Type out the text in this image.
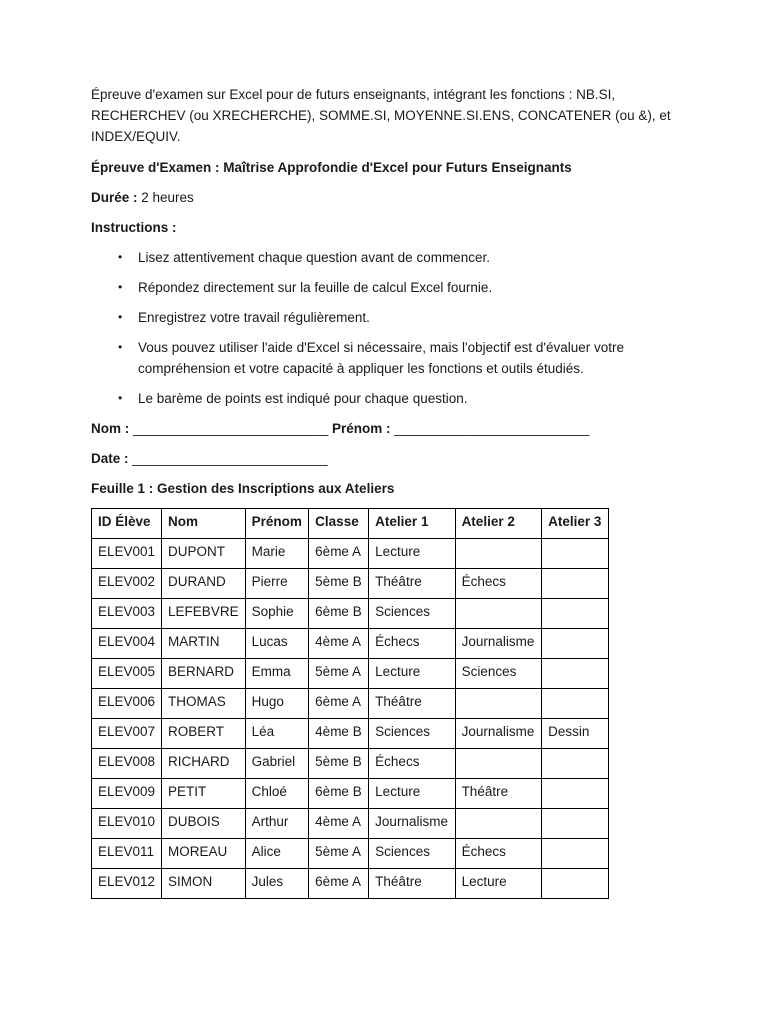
Épreuve d'examen sur Excel pour de futurs enseignants, intégrant les fonctions : NB.SI, RECHERCHEV (ou XRECHERCHE), SOMME.SI, MOYENNE.SI.ENS, CONCATENER (ou &), et INDEX/EQUIV.

Épreuve d'Examen : Maîtrise Approfondie d'Excel pour Futurs Enseignants

Durée : 2 heures

Instructions :

• Lisez attentivement chaque question avant de commencer.
• Répondez directement sur la feuille de calcul Excel fournie.
• Enregistrez votre travail régulièrement.
• Vous pouvez utiliser l'aide d'Excel si nécessaire, mais l'objectif est d'évaluer votre compréhension et votre capacité à appliquer les fonctions et outils étudiés.
• Le barème de points est indiqué pour chaque question.

Nom : __________________________ Prénom : __________________________

Date : __________________________

Feuille 1 : Gestion des Inscriptions aux Ateliers

ID Élève	Nom	Prénom	Classe	Atelier 1	Atelier 2	Atelier 3
ELEV001	DUPONT	Marie	6ème A	Lecture		
ELEV002	DURAND	Pierre	5ème B	Théâtre	Échecs	
ELEV003	LEFEBVRE	Sophie	6ème B	Sciences		
ELEV004	MARTIN	Lucas	4ème A	Échecs	Journalisme	
ELEV005	BERNARD	Emma	5ème A	Lecture	Sciences	
ELEV006	THOMAS	Hugo	6ème A	Théâtre		
ELEV007	ROBERT	Léa	4ème B	Sciences	Journalisme	Dessin
ELEV008	RICHARD	Gabriel	5ème B	Échecs		
ELEV009	PETIT	Chloé	6ème B	Lecture	Théâtre	
ELEV010	DUBOIS	Arthur	4ème A	Journalisme		
ELEV011	MOREAU	Alice	5ème A	Sciences	Échecs	
ELEV012	SIMON	Jules	6ème A	Théâtre	Lecture	
